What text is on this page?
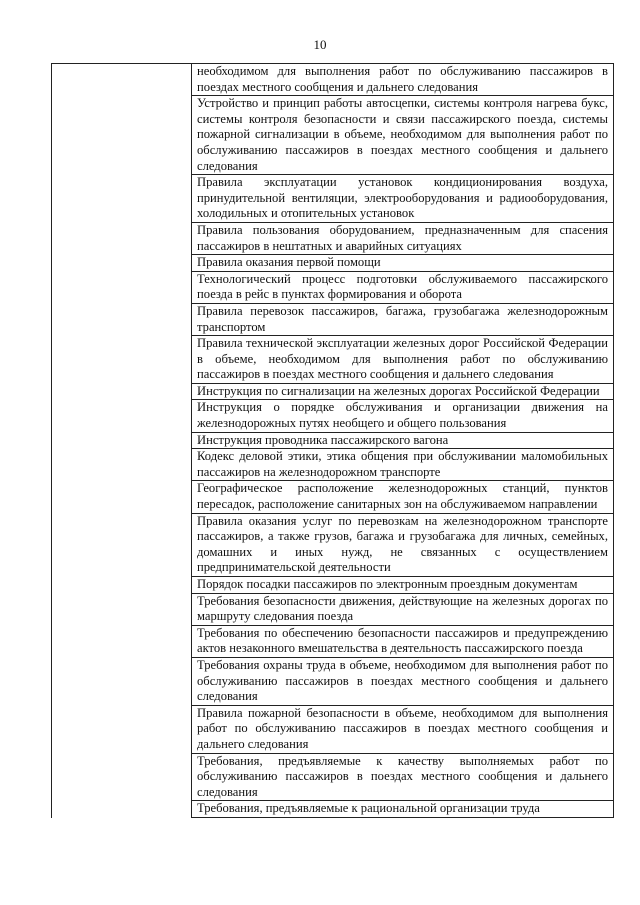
10
необходимом для выполнения работ по обслуживанию пассажиров в поездах местного сообщения и дальнего следования
Устройство и принцип работы автосцепки, системы контроля нагрева букс, системы контроля безопасности и связи пассажирского поезда, системы пожарной сигнализации в объеме, необходимом для выполнения работ по обслуживанию пассажиров в поездах местного сообщения и дальнего следования
Правила эксплуатации установок кондиционирования воздуха, принудительной вентиляции, электрооборудования и радиооборудования, холодильных и отопительных установок
Правила пользования оборудованием, предназначенным для спасения пассажиров в нештатных и аварийных ситуациях
Правила оказания первой помощи
Технологический процесс подготовки обслуживаемого пассажирского поезда в рейс в пунктах формирования и оборота
Правила перевозок пассажиров, багажа, грузобагажа железнодорожным транспортом
Правила технической эксплуатации железных дорог Российской Федерации в объеме, необходимом для выполнения работ по обслуживанию пассажиров в поездах местного сообщения и дальнего следования
Инструкция по сигнализации на железных дорогах Российской Федерации
Инструкция о порядке обслуживания и организации движения на железнодорожных путях необщего и общего пользования
Инструкция проводника пассажирского вагона
Кодекс деловой этики, этика общения при обслуживании маломобильных пассажиров на железнодорожном транспорте
Географическое расположение железнодорожных станций, пунктов пересадок, расположение санитарных зон на обслуживаемом направлении
Правила оказания услуг по перевозкам на железнодорожном транспорте пассажиров, а также грузов, багажа и грузобагажа для личных, семейных, домашних и иных нужд, не связанных с осуществлением предпринимательской деятельности
Порядок посадки пассажиров по электронным проездным документам
Требования безопасности движения, действующие на железных дорогах по маршруту следования поезда
Требования по обеспечению безопасности пассажиров и предупреждению актов незаконного вмешательства в деятельность пассажирского поезда
Требования охраны труда в объеме, необходимом для выполнения работ по обслуживанию пассажиров в поездах местного сообщения и дальнего следования
Правила пожарной безопасности в объеме, необходимом для выполнения работ по обслуживанию пассажиров в поездах местного сообщения и дальнего следования
Требования, предъявляемые к качеству выполняемых работ по обслуживанию пассажиров в поездах местного сообщения и дальнего следования
Требования, предъявляемые к рациональной организации труда
